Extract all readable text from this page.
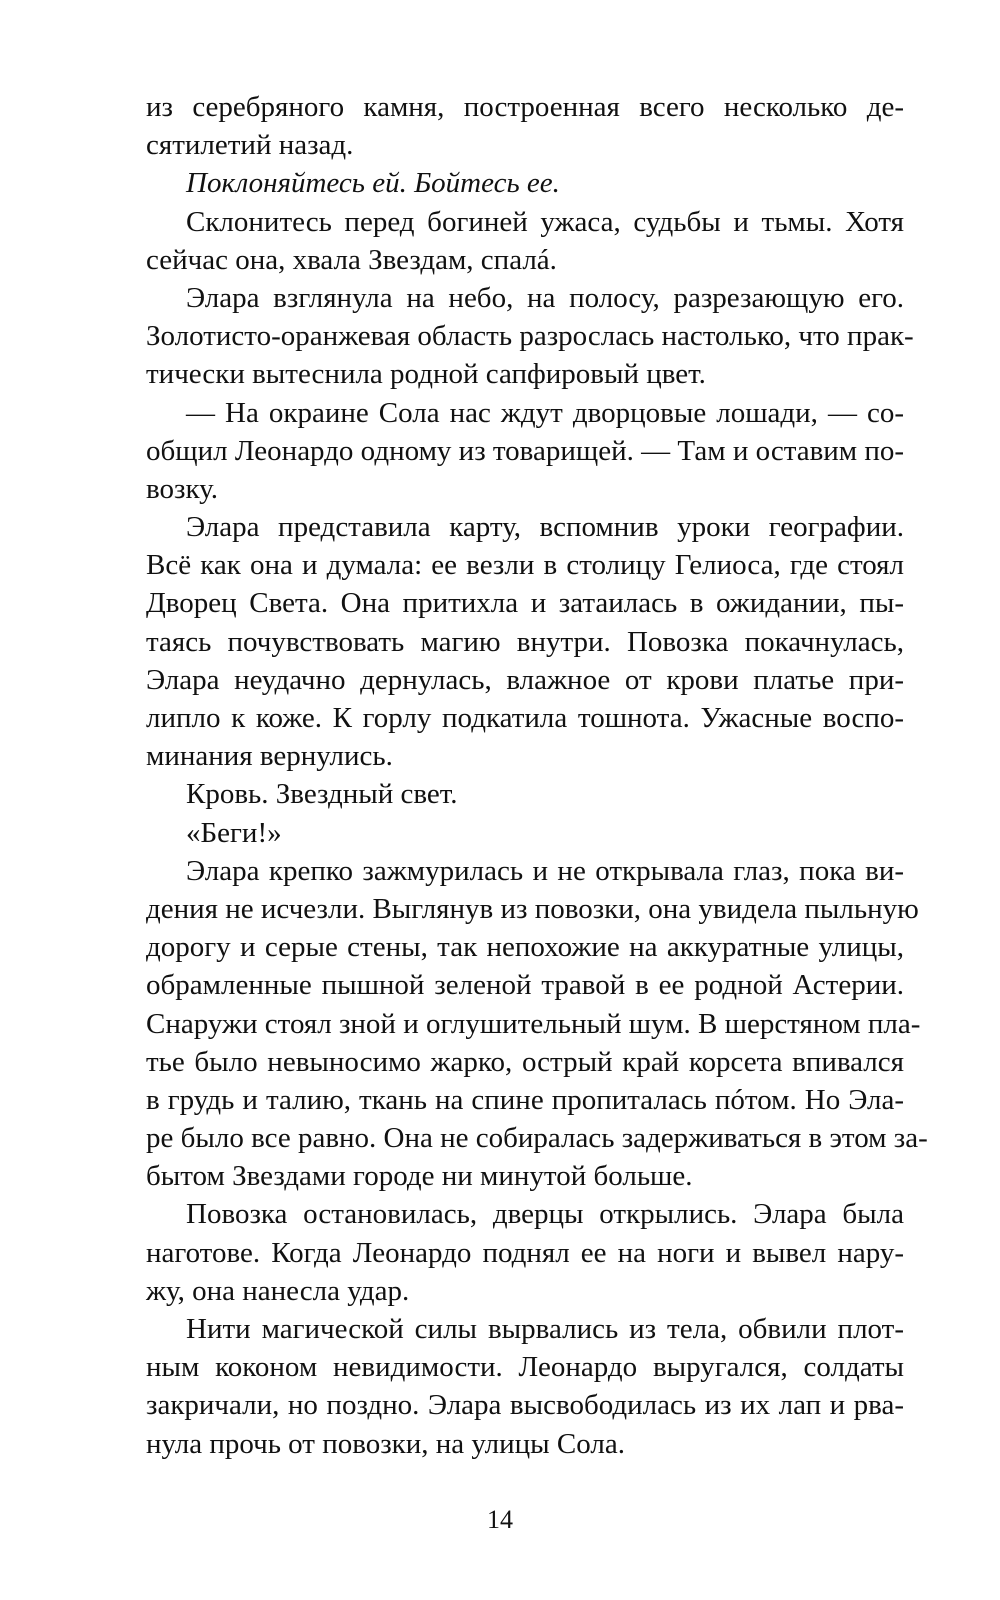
из серебряного камня, построенная всего несколько де-
сятилетий назад.
Поклоняйтесь ей. Бойтесь ее.
Склонитесь перед богиней ужаса, судьбы и тьмы. Хотя
сейчас она, хвала Звездам, спалá.
Элара взглянула на небо, на полосу, разрезающую его.
Золотисто-оранжевая область разрослась настолько, что прак-
тически вытеснила родной сапфировый цвет.
— На окраине Сола нас ждут дворцовые лошади, — со-
общил Леонардо одному из товарищей. — Там и оставим по-
возку.
Элара представила карту, вспомнив уроки географии.
Всё как она и думала: ее везли в столицу Гелиоса, где стоял
Дворец Света. Она притихла и затаилась в ожидании, пы-
таясь почувствовать магию внутри. Повозка покачнулась,
Элара неудачно дернулась, влажное от крови платье при-
липло к коже. К горлу подкатила тошнота. Ужасные воспо-
минания вернулись.
Кровь. Звездный свет.
«Беги!»
Элара крепко зажмурилась и не открывала глаз, пока ви-
дения не исчезли. Выглянув из повозки, она увидела пыльную
дорогу и серые стены, так непохожие на аккуратные улицы,
обрамленные пышной зеленой травой в ее родной Астерии.
Снаружи стоял зной и оглушительный шум. В шерстяном пла-
тье было невыносимо жарко, острый край корсета впивался
в грудь и талию, ткань на спине пропиталась пóтом. Но Эла-
ре было все равно. Она не собиралась задерживаться в этом за-
бытом Звездами городе ни минутой больше.
Повозка остановилась, дверцы открылись. Элара была
наготове. Когда Леонардо поднял ее на ноги и вывел нару-
жу, она нанесла удар.
Нити магической силы вырвались из тела, обвили плот-
ным коконом невидимости. Леонардо выругался, солдаты
закричали, но поздно. Элара высвободилась из их лап и рва-
нула прочь от повозки, на улицы Сола.
14
